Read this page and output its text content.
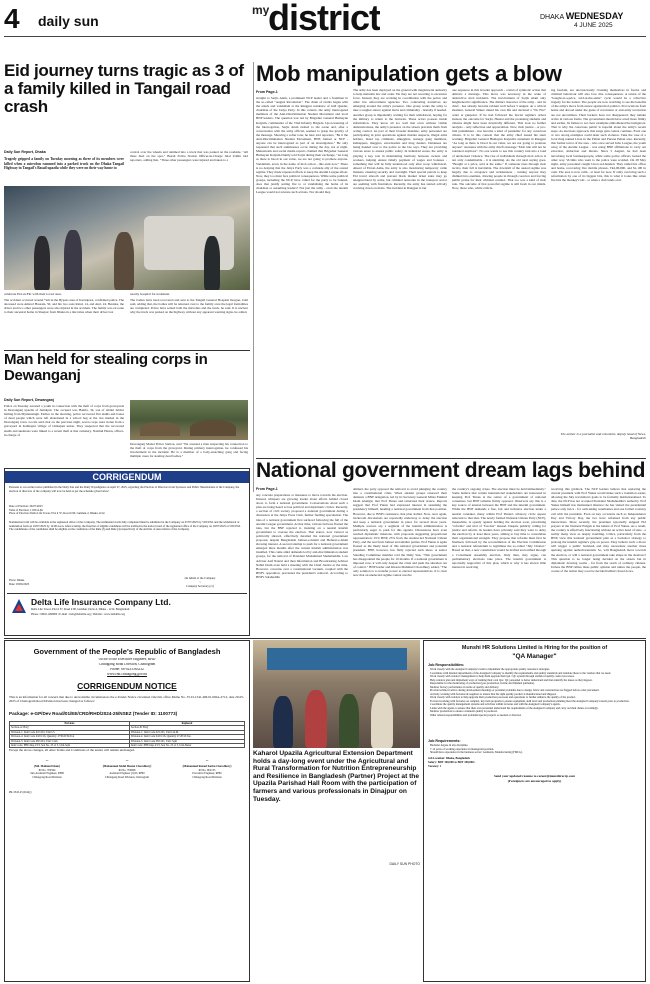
4 daily sun
my
district	DHAKA WEDNESDAY
4 JUNE 2025
Eid journey turns tragic as 3 of a family killed in Tangail road crash
Daily Sun Report, Dhaka
Tragedy gripped a family on Tuesday morning as three of its members were killed when a microbus rammed into a parked truck on the Dhaka-Tangail Highway in Tangail's Basail upazila while they were on their way home to
control over the wheels and rammed into a truck that was parked on the roadside. "All three died on the spot," Basail Police Station Officer-in-Charge Jalal Uddin told reporters, adding that, "Three other passengers were injured and taken to a
celebrate Eid-ul-Fitr with their loved ones.	nearby hospital for treatment.
The accident occurred around *am in the Bypass area of Karatipara, confirmed police. The deceased were Amzad Hossain, 50, and his two sons Ratul, 14, and Atul, 24. Besides, the driver and two other passengers were also injured in the accident. The family was en route to their ancestral home in Sherpur from Dhaka in a microbus when their driver lost
The bodies have been recovered and sent to the Tangail General Hospital morgue, Jalal said, adding that, the bodies will be returned over to the family once the legal formalities are completed. Police have seized both the microbus and the truck, he said. It is unclear why the truck was parked on the highway without any apparent warning signs, he added.
Man held for stealing corps in Dewanganj
Daily Sun Report, Dewanganj
Police on Tuesday arrested a youth in connection with the theft of corps from graveyards in Dewanganj upazila of Jamalpur. The accused was Hanifa, 34, son of Abdul Jabbar hailing from Mymensingh. Earlier, in the morning, police recovered five skulls and bones of dead people which were left abandoned in a school bag at the rice market in the Dewanganj town. Locals said, that on the previous night, seven corps were stolen from a graveyard in Kalikapur village of Chikajani union. They suspected that the recovered skulls and skeletons were linked to a recent theft at that cemetery. Nazmul Hasan, officer-in-charge of
Dewanganj Model Police Station, said "We arrested a man suspecting his connection to the theft of corps from the graveyard. During primary interrogation, he confessed his involvement in the incident. He is a member of a body-snatching gang and facing multiple cases for stealing dead bodies."
CORRIGENDUM
Pursuant to our earlier notice published in the Daily Sun and the Daily Nayadiganta on April 27, 2025, regarding the Election of Directors from Sponsors and Public Shareholders of the Company, the election of directors of the company will now be held as per the schedule given below:
Date of Election: 26/07/2025
Time of Election: 11:00 A.M.
Place of Election: Delta Life Tower, Plot # 37, Road # 90, Gulshan-2, Dhaka-1212.
Nomination form will be available at the registered office of the Company. The nomination form duly completed must be submitted at the Company on 07/07/2025 by 5:00 P.M. and the withdrawal of nomination form on 10/07/2025 by 12:00 noon. After scrutiny, the final list of eligible candidates will be notified in the notice board of the registered office of the Company on 10/07/2025 at 5:00 P.M. The candidature of the candidates shall be eligible on the conditions of the Rule (3) and Rule (4) respectively of the Articles of Association of the Company.
Place: Dhaka
Date: 03/06/2025
On behalf of the Company
~
Company Secretary (cc)
Delta Life Insurance Company Ltd.
Delta Life Tower, Plot # 37, Road # 90, Gulshan Circle-2, Dhaka - 1212, Bangladesh
Phone : 09611-666000 | E-mail : info@deltalife.org | Website : www.deltalife.org
Mob manipulation gets a blow
From Page-1
straight to Sarjis Alam, a prominent NCP leader and a frontliner in the so-called "August Revolution". The chain of events began with the attack and vandalism at the Rangpur residence of GM Quader, chairman of the Jatiya Party. In this context, the army interrogated members of the Anti-Discrimination Student Movement and local BNP leaders. The question was led by Brigadier General Humayun Kaiyum, commander of the 72nd Infantry Brigade. Upon learning of the interrogation, Sarjis Alam rushed to the scene and, after a conversation with the army official, seemed to grasp the gravity of the message. Showing a softer tone, he later told reporters, "Be it the Anti-Discrimination Student Movement, BNP, Jamaat or NCP - anyone can be interrogated as part of an investigation." He only requested that such summonses occur during the day, not at night. Mainstream and social media reports claimed that Brigadier General Humayun Kaiyum bluntly told Sarjis during their exchange, "As long as there is blood in our veins, we are not going to promote anyone. Vandalism, arson in the name of mob action - this ends now." There is no denying that the Jatiya Party was a comrade ally of the ousted regime. They made repeated efforts to keep the Awami League afloat. Now, they too must face political consequences. While some political groups, including the NCP, have called for the party to be banned, does that justify setting fire to or vandalising the home of its chairman or assaulting leaders? Not just the army - even the Awami League would not tolerate such actions. Nor should they.
The army has been deployed on the ground with magistracial authority to help maintain law and order. Yet they are not resorting to excessive force. Instead, they are working in coordination with the police and other law enforcement agencies. Two contrasting narratives are emerging around the army's presence. One group wants the army to take a tougher stance against mobs and criminality - brutally if needed. Another group is impatiently waiting for their withdrawal, hoping for the military to return to the barracks. These actors possess inside information. They know all too well that even without visible demonstrations, the army's presence on the streets prevents them from acting control. As part of their broader mandate, army personnel are participating in joint operations against murder suspects, illegal arms holders, listed top criminals, smugglers, teenage gang members, kidnappers, muggers, extortionists and drug dealers. Detainees are being handed over to the police as the law says. They are providing various areas to ensure public safety. In industrial zones, the army is playing a key role in maintaining harmony between owners and workers, helping ensure timely payment of wages and bonuses - something that will be fully understood only after troop withdrawal. Ahead of Eid-ul-Azha, the army is also monitoring temporary cattle markets, ensuring security and oversight. Their special patrols to keep Eid travel smooth and prevent black market ticket sales may go unappreciated by some, but criminal networks in the transport sector are seething with frustration. Recently, the army has started actively cracking down on mobs. The incident in Rangpur is but
one sequence in this broader approach - a kind of symbolic action that delivers a message. This move was necessary in the wake of destructive mob incidents. The involvement of Sarjis Alam only heightened its significance. The distinct character of the army - and its chief - has already become evident well before 5 August. At a critical moment, General Waker risked his own life and declared a "No Fire" order at gunpoint. If he had followed the fascist regime's orders instead, the outcome for Sarjis, Hasnat and the protesting students and citizens might have been drastically different. This took no further analysis - only reflection and appreciation. Now, mob justice - or pro-trial punishment - has become a kind of pandemic for any conscious citizen. It is in this context that the army chief issued his stern warning. Brigadier General Humayun Kaiyum's statement in Rangpur "As long as there is blood in our veins, we are not going to promote anyone" resonates with the army chief's message "Mob rule will not be tolerated anymore". No one wants to see this country turn into a land of unchecked violence. The rise of individuals through mob action is not only condemnable - it is alarming. As the old rural saying goes, "Bought at a price, sold at the same." If someone rises through mob tactics, their fall is inevitable. The downfall of the ousted regime was largely due to arrogance and recklessness - turning anyone they disliked into enemies, drawing people in through coercion and forcing public praise for their criminal conduct. That too was a kind of mob rule. The outcome of that powerful regime is still fresh in our minds. Now, those who, while criticis-
ing fascism, are unconsciously cloaking themselves in fascist and criminal behaviour will also face dire consequences. A return of the "bought-at-a-price, sold-at-the-same" cycle would be a collective tragedy for the nation. The people are now watching to see the benefits of the army's move from stance against mob politics. Provocations from home and abroad under the guise of revolution or anti-army revolution are not uncommon. Their backers have not disappeared; they remain active in various forms. The government should have acted more firmly and earlier. Its failure to set clear examples emboldened the instigators. That is why the conscious public is hopeful about the army's recent steps. As elections approach, this surge gain cannot continue. Even one or two strong examples could deter such violence. Take the case of a local thug named Liton in the Paltan and Purana Paltan area. Recently, this former terror of the area - who once served Jubo League, the youth wing of the Awami League - was using BNP affiliations to carry out extortion, abduction and threats. Since 5 August, he had been terrorising local businesspeople, while some police officers looked the other way. Victims who went to the police were scolded. On 28 May night, army personnel caught Liton red-handed. They raided his office and home, recovering five mobile phones, Tk2,00,000, and $1,100 in cash. The area is now calm - at least for now. If army can bring such a reformation by one of its biggest bits, this is what it looks like when fire hits the monkey's tail - or when a club lands on it.
The author is a journalist and columnist, deputy head of News, Bangladesh
National government dream lags behind
From Page-1
any concrete preparations or measures to move towards the election. Instead, whispers are growing louder about efforts behind closed doors to form a national government. Conversations about such a plan are being heard across political and diplomatic circles. Recently, a section of civil society proposed a national government during a discussion at the Jatiya Press Club, further fuelling speculation. The idea of a national government first surfaced following the fall of the Awami League government. At that time, various factions floated the idea, but the BNP rejected it, insisting on a neutral interim government to oversee the election. That stance, now viewed as politically shrewd, effectively derailed the national government proposal, despite Bangladesh Jamaat-e-Islami and Hefazat-e-Islam showing interest. A second attempt to push for a national government emerged three months after the current interim administration was installed. This came amid demands led by anti-discrimination student groups, for the removal of President Mohammed Shahabuddin. Law Adviser Asif Nazrul and then Information and Broadcasting Adviser Nahid Islam even held a meeting with the Chief Justice at the time. However, concerns over a constitutional vacuum, coupled with the BNP's opposition, prevented the president's removal. According to BNP's Salahuddin
Ahmed, the party opposed the removal to avoid plunging the country into a constitutional crisis. When student groups renewed their demand, a BNP delegation, led by its Secretary General Mirza Fakhrul Islam Alamgir, met Prof Yunus and reiterated their stance. Reports suggest that Prof Yunus had expressed interest in assuming the presidency himself, heading a national government from that position. However, due to BNP's resistance, that plan stalled. Now, once again, backroom discussions are reportedly underway to delay the election and keep a national government in place for several more years. Multiple sources say a segment of the interim administration is particularly eager to push for this agenda. Discussions have even reached diplomatic missions, with proposals suggesting proportional representation: 25% BNP, 25% from the student-led National Citizen Party, and the rest from Jamaat and smaller parties. Prof Yunus is again floated as the likely head of this national government and potential president. BNP, however, has flatly rejected such ideas. A senior Standing Committee member told the Daily Sun, "This government has disappointed the people for 10 months. If a national government is imposed now, it will only deepen the crisis and push the situation out of control." BNP leader and Khasru Mahmud Chowdhury added, "The only solution is to transfer power to elected representatives. It is clear now that an unelected regime cannot resolve
the country's ongoing crises. The election must be held immediately." Some believe that certain international stakeholders are interested in keeping Prof Yunus at the centre of a government of national consensus, but BNP remains firmly opposed. Observers say this is a key source of tension between the BNP and the interim government. While the BNP demands a free, fair and inclusive election under a neutral caretaker, many within Prof Yunus's advisory circle appear reluctant to that idea. The newly formed National Citizen Party (NCP), meanwhile, is openly against holding the election soon, prioritising "reforms" and trial of "fascists" instead. Despite publicly calling for justice and reform, its leaders have privately said they want to delay the election by at least three years, aiming to buy time to consolidate their organisational strength. They propose that reforms must first be finalised, followed by the reconstitution of the Election Commission and a national referendum to legitimise the so-called "July Charter." Based on that, a new constitution would be drafted and ratified through a Constituent Assembly election. Only then, they argue, can parliamentary elections take place. The interim government is reportedly supportive of this plan, which is why it has shown little interest in resolving
resolving this gridlock. The NCP leaders believe that replacing the current president with Prof Yunus would make such a transition easier, allowing the July revolution's goals to be formally institutionalised. To date, the NCP has not accepted President Shahabuddin's authority. Prof Yunus himself has maintained distance: he has visited the presidential palace only twice - for oath-taking ceremonies and one formal courtesy call with the president. Even on key occasions such as Independence Day and Victory Day, the two have refrained from any public interactions. More recently, the president reportedly skipped Eid prayers at the National Eidgah at the behest of Prof Yunus. As a result, the country is effectively functioning without an active head of state - a reality many view as deeply troubling. Critics, particularly from the BNP, view this national government plan as a backdoor strategy to prolong the interim regime's grip on power. They believe such a move will trigger a public backlash and may necessitate another mass uprising against authoritarianism. So, will Bangladesh move towards the election, or will a national government take shape in the shadows? This question is no longer being decided on the streets but in diplomatic drawing rooms - far from the reach of ordinary citizens. Unless the BNP rallies mass public opinion and unites the people, the course of the nation may soon be decided behind closed doors.
Government of the People's Republic of Bangladesh
Office of the Executive Engineer, RHD
Chittagong Road Division, Chattogram
Phone: 88-0233363232
www.rhd.chittagong.gov.bd
CORRIGENDUM NOTICE
This is an information for all concern that due to unavoidable circumstances the e-Tender Notice circulated vide this office Memo No. 35.01.1541.406.01.002A-2712, date 20-05-2025 of Chattogram Road Division has been changed as follows:
Package: e-GP/Dev Road/01/EE/CRD/RHD/2024-25/NSEZ (Tender ID: 1100773)
Previous	Replaced
Section-A: BoQ	Section-B: BoQ
Division-1: Item Code 02/1201, Unit LS	Division-1: Item Code 02/1201, Unit Lm.M.
Division-4: Item Code 04/01/16, Quantity: 2730.60 M.Ton	Division-4: Item Code 04/01/16, Quantity 27.28 M.Ton
Division-5: Item Code 08/1201, Unit: Cum	Division-5: Item Code 08/1201, Unit: Sqm
Item Code: PHE-Dep-23/3, Sen No. 25 of 3, Unit-Sqm	Item Code: PHE-Dep-23/3, Sen No. 25 of 3, Unit-Meter
Except the above changes, all other Terms and Conditions of the tender will remain unchanged.
~
(Md. Mahmud Islam)
ID No. 700344
Sub-Assistant Engineer, RHD
Chittagong Road Division
~
(Mohammed Abdul Hasnat Chowdhury)
ID No. 700068
Assistant Engineer (ii) D, RHD
Chittagong Road Division, Chattogram
~
(Mohammed Rezaul Karim Chowdhury)
ID No. 902135
Executive Engineer, RHD
Chittagong Road Division
PR-3343-25 (Daily)
Kaharol Upazila Agricultural Extension Department holds a day-long event under the Agricultural and Rural Transformation for Nutrition Entrepreneurship and Resilience in Bangladesh (Partner) Project at the Upazila Parishad Hall Room with the participation of farmers and various professionals in Dinajpur on Tuesday.
DAILY SUN PHOTO
Munshi HR Solutions Limited is Hiring for the position of
"QA Manager"
Job Responsibilities:
Work closely with the Assigned Company's team to implement the appropriate quality assurance strategies.
Coordinate with internal departments of the Assigned Company to identify the requirements and quality standards and translate these to the vendors that we need.
Work closely with vendor's management to help them upgrade their QA / QC system through statistical quality control processes.
Help vendors plan and implement ways of training their own QA / QC personnel to better understand and then identify the issues as they happen.
Responsible for the monitoring of production (pre-production, in-line and finished garments).
Monitor factory performance in terms of quality and delivery.
Provide technical advice during development meetings or potential problems due to design, fabric and construction are flagged before order placement.
Actively working with factories & suppliers to ensure that the right quality product is manufactured and shipped.
Work closely with vendors to help upgrade their production processes and operations to further enhance the quality of the product.
Forward working with factories on complex, key item programs to ensure equipment, skill level and production planning meet the Assigned Company's needs prior to production.
Coordinate the quality management systems and activities within factories and with the Assigned Company's agents.
Liaise with the agents to ensure that their own personnel understand the requirements of the Assigned Company and carry out their duties accordingly.
Monitor production to ensure consistent quality is produced.
Other related responsibilities and problems/special projects as needed or directed.
Job Requirements:
Bachelor degree in any discipline.
7-12 years of working experience in managerial position.
Should have experience in the business sector: Garments, Manufacturing (FMCG).
Job Location: Dhaka, Bangladesh
Salary: BDT 100,000 to BDT 180,000/-
Vacancy: 1
Send your updated resume to career@munshirecrp.com
(Foreigners are encouraged to apply)
